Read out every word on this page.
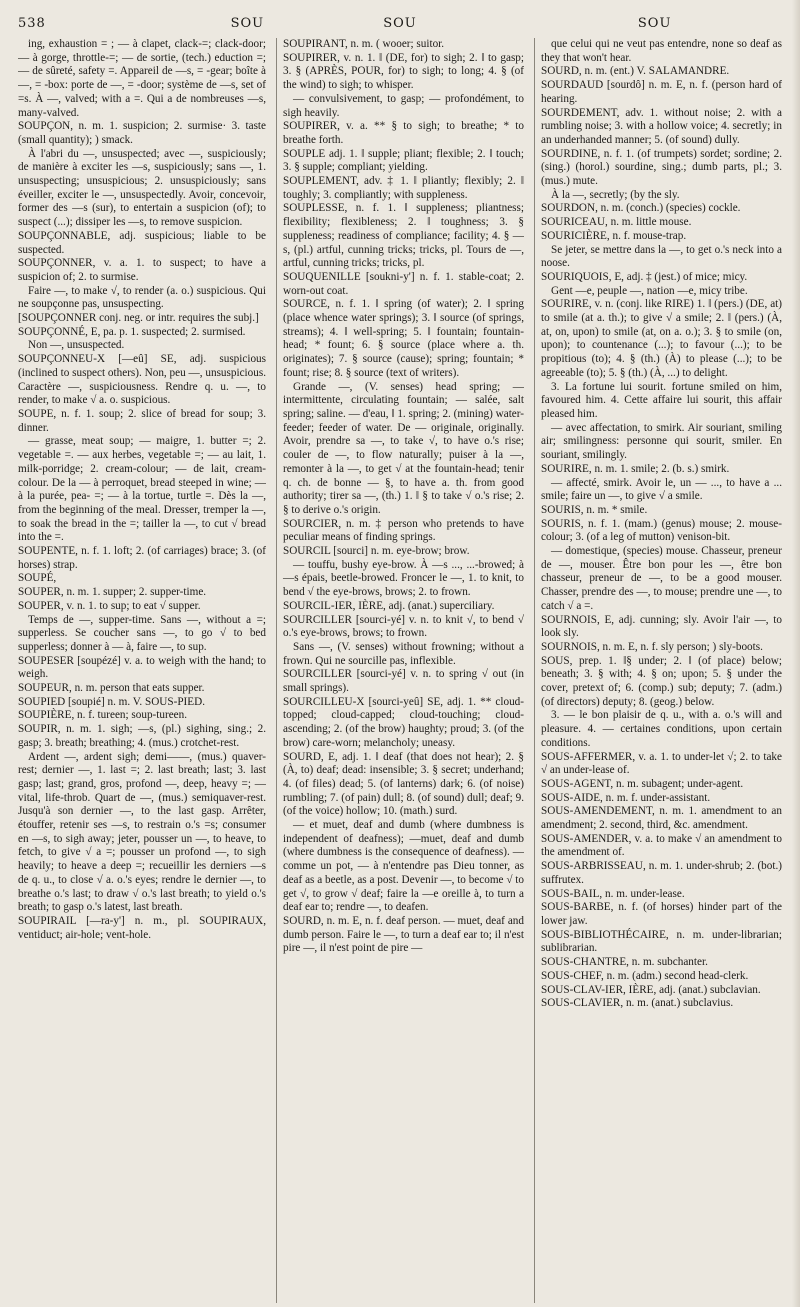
538	SOU	SOU	SOU

ing, exhaustion = ; — à clapet, clack-=; clack-door; — à gorge, throttle-=; — de sortie, (tech.) eduction =; — de sûreté, safety =. Appareil de —s, = -gear; boîte à —, = -box: porte de —, = -door; système de —s, set of =s. À —, valved; with a =. Qui a de nombreuses —s, many-valved.

SOUPÇON, n. m. 1. suspicion; 2. surmise· 3. taste (small quantity); ) smack.

À l'abri du —, unsuspected; avec —, suspiciously; de manière à exciter les —s, suspiciously; sans —, 1. unsuspecting; unsuspicious; 2. unsuspiciously; sans éveiller, exciter le —, unsuspectedly. Avoir, concevoir, former des —s (sur), to entertain a suspicion (of); to suspect (...); dissiper les —s, to remove suspicion.

SOUPÇONNABLE, adj. suspicious; liable to be suspected.

SOUPÇONNER, v. a. 1. to suspect; to have a suspicion of; 2. to surmise.

Faire —, to make √, to render (a. o.) suspicious. Qui ne soupçonne pas, unsuspecting.

[SOUPÇONNER conj. neg. or intr. requires the subj.]

SOUPÇONNÉ, E, pa. p. 1. suspected; 2. surmised.

Non —, unsuspected.

SOUPÇONNEU-X [—eû] SE, adj. suspicious (inclined to suspect others). Non, peu —, unsuspicious. Caractère —, suspiciousness. Rendre q. u. —, to render, to make √ a. o. suspicious.

SOUPE, n. f. 1. soup; 2. slice of bread for soup; 3. dinner.

— grasse, meat soup; — maigre, 1. butter =; 2. vegetable =. — aux herbes, vegetable =; — au lait, 1. milk-porridge; 2. cream-colour; — de lait, cream-colour. De la — à perroquet, bread steeped in wine; — à la purée, pea- =; — à la tortue, turtle =. Dès la —, from the beginning of the meal. Dresser, tremper la —, to soak the bread in the =; tailler la —, to cut √ bread into the =.

SOUPENTE, n. f. 1. loft; 2. (of carriages) brace; 3. (of horses) strap.

SOUPÉ,

SOUPER, n. m. 1. supper; 2. supper-time.

SOUPER, v. n. 1. to sup; to eat √ supper.

Temps de —, supper-time. Sans —, without a =; supperless. Se coucher sans —, to go √ to bed supperless; donner à — à, faire —, to sup.

SOUPESER [soupézé] v. a. to weigh with the hand; to weigh.

SOUPEUR, n. m. person that eats supper.

SOUPIED [soupié] n. m. V. SOUS-PIED.

SOUPIÈRE, n. f. tureen; soup-tureen.

SOUPIR, n. m. 1. sigh; —s, (pl.) sighing, sing.; 2. gasp; 3. breath; breathing; 4. (mus.) crotchet-rest.

Ardent —, ardent sigh; demi——, (mus.) quaver-rest; dernier —, 1. last =; 2. last breath; last; 3. last gasp; last; grand, gros, profond —, deep, heavy =; — vital, life-throb. Quart de —, (mus.) semiquaver-rest. Jusqu'à son dernier —, to the last gasp. Arrêter, étouffer, retenir ses —s, to restrain o.'s =s; consumer en —s, to sigh away; jeter, pousser un —, to heave, to fetch, to give √ a =; pousser un profond —, to sigh heavily; to heave a deep =; recueillir les derniers —s de q. u., to close √ a. o.'s eyes; rendre le dernier —, to breathe o.'s last; to draw √ o.'s last breath; to yield o.'s breath; to gasp o.'s latest, last breath.

SOUPIRAIL [—ra-y'] n. m., pl. SOUPIRAUX, ventiduct; air-hole; vent-hole.

SOUPIRANT, n. m. ( wooer; suitor.

SOUPIRER, v. n. 1. ‖ (DE, for) to sigh; 2. ‖ to gasp; 3. § (APRÈS, POUR, for) to sigh; to long; 4. § (of the wind) to sigh; to whisper.

— convulsivement, to gasp; — profondément, to sigh heavily.

SOUPIRER, v. a. ** § to sigh; to breathe; * to breathe forth.

SOUPLE adj. 1. ‖ supple; pliant; flexible; 2. ‖ touch; 3. § supple; compliant; yielding.

SOUPLEMENT, adv. ‡ 1. ‖ pliantly; flexibly; 2. ‖ toughly; 3. compliantly; with suppleness.

SOUPLESSE, n. f. 1. ‖ suppleness; pliantness; flexibility; flexibleness; 2. ‖ toughness; 3. § suppleness; readiness of compliance; facility; 4. § —s, (pl.) artful, cunning tricks; tricks, pl. Tours de —, artful, cunning tricks; tricks, pl.

SOUQUENILLE [soukni-y'] n. f. 1. stable-coat; 2. worn-out coat.

SOURCE, n. f. 1. ‖ spring (of water); 2. ‖ spring (place whence water springs); 3. ‖ source (of springs, streams); 4. ‖ well-spring; 5. ‖ fountain; fountain-head; * fount; 6. § source (place where a. th. originates); 7. § source (cause); spring; fountain; * fount; rise; 8. § source (text of writers).

Grande —, (V. senses) head spring; — intermittente, circulating fountain; — salée, salt spring; saline. — d'eau, ‖ 1. spring; 2. (mining) water-feeder; feeder of water. De — originale, originally. Avoir, prendre sa —, to take √, to have o.'s rise; couler de —, to flow naturally; puiser à la —, remonter à la —, to get √ at the fountain-head; tenir q. ch. de bonne — §, to have a. th. from good authority; tirer sa —, (th.) 1. ‖ § to take √ o.'s rise; 2. § to derive o.'s origin.

SOURCIER, n. m. ‡ person who pretends to have peculiar means of finding springs.

SOURCIL [sourci] n. m. eye-brow; brow.

— touffu, bushy eye-brow. À —s ..., ...-browed; à —s épais, beetle-browed. Froncer le —, 1. to knit, to bend √ the eye-brows, brows; 2. to frown.

SOURCIL-IER, IÈRE, adj. (anat.) superciliary.

SOURCILLER [sourci-yé] v. n. to knit √, to bend √ o.'s eye-brows, brows; to frown.

Sans —, (V. senses) without frowning; without a frown. Qui ne sourcille pas, inflexible.

SOURCILLER [sourci-yé] v. n. to spring √ out (in small springs).

SOURCILLEU-X [sourci-yeû] SE, adj. 1. ** cloud-topped; cloud-capped; cloud-touching; cloud-ascending; 2. (of the brow) haughty; proud; 3. (of the brow) care-worn; melancholy; uneasy.

SOURD, E, adj. 1. ‖ deaf (that does not hear); 2. § (À, to) deaf; dead: insensible; 3. § secret; underhand; 4. (of files) dead; 5. (of lanterns) dark; 6. (of noise) rumbling; 7. (of pain) dull; 8. (of sound) dull; deaf; 9. (of the voice) hollow; 10. (math.) surd.

— et muet, deaf and dumb (where dumbness is independent of deafness); —muet, deaf and dumb (where dumbness is the consequence of deafness). — comme un pot, — à n'entendre pas Dieu tonner, as deaf as a beetle, as a post. Devenir —, to become √ to get √, to grow √ deaf; faire la —e oreille à, to turn a deaf ear to; rendre —, to deafen.

SOURD, n. m. E, n. f. deaf person. — muet, deaf and dumb person. Faire le —, to turn a deaf ear to; il n'est pire —, il n'est point de pire —

que celui qui ne veut pas entendre, none so deaf as they that won't hear.

SOURD, n. m. (ent.) V. SALAMANDRE.

SOURDAUD [sourdô] n. m. E, n. f. (person hard of hearing.

SOURDEMENT, adv. 1. without noise; 2. with a rumbling noise; 3. with a hollow voice; 4. secretly; in an underhanded manner; 5. (of sound) dully.

SOURDINE, n. f. 1. (of trumpets) sordet; sordine; 2. (sing.) (horol.) sourdine, sing.; dumb parts, pl.; 3. (mus.) mute.

À la —, secretly; (by the sly.

SOURDON, n. m. (conch.) (species) cockle.

SOURICEAU, n. m. little mouse.

SOURICIÈRE, n. f. mouse-trap.

Se jeter, se mettre dans la —, to get o.'s neck into a noose.

SOURIQUOIS, E, adj. ‡ (jest.) of mice; micy.

Gent —e, peuple —, nation —e, micy tribe.

SOURIRE, v. n. (conj. like RIRE) 1. ‖ (pers.) (DE, at) to smile (at a. th.); to give √ a smile; 2. ‖ (pers.) (À, at, on, upon) to smile (at, on a. o.); 3. § to smile (on, upon); to countenance (...); to favour (...); to be propitious (to); 4. § (th.) (À) to please (...); to be agreeable (to); 5. § (th.) (À, ...) to delight.

3. La fortune lui sourit. fortune smiled on him, favoured him. 4. Cette affaire lui sourit, this affair pleased him.

— avec affectation, to smirk. Air souriant, smiling air; smilingness: personne qui sourit, smiler. En souriant, smilingly.

SOURIRE, n. m. 1. smile; 2. (b. s.) smirk.

— affecté, smirk. Avoir le, un — ..., to have a ... smile; faire un —, to give √ a smile.

SOURIS, n. m. * smile.

SOURIS, n. f. 1. (mam.) (genus) mouse; 2. mouse-colour; 3. (of a leg of mutton) venison-bit.

— domestique, (species) mouse. Chasseur, preneur de —, mouser. Être bon pour les —, être bon chasseur, preneur de —, to be a good mouser. Chasser, prendre des —, to mouse; prendre une —, to catch √ a =.

SOURNOIS, E, adj. cunning; sly. Avoir l'air —, to look sly.

SOURNOIS, n. m. E, n. f. sly person; ) sly-boots.

SOUS, prep. 1. ‖§ under; 2. ‖ (of place) below; beneath; 3. § with; 4. § on; upon; 5. § under the cover, pretext of; 6. (comp.) sub; deputy; 7. (adm.) (of directors) deputy; 8. (geog.) below.

3. — le bon plaisir de q. u., with a. o.'s will and pleasure. 4. — certaines conditions, upon certain conditions.

SOUS-AFFERMER, v. a. 1. to under-let √; 2. to take √ an under-lease of.

SOUS-AGENT, n. m. subagent; under-agent.

SOUS-AIDE, n. m. f. under-assistant.

SOUS-AMENDEMENT, n. m. 1. amendment to an amendment; 2. second, third, &c. amendment.

SOUS-AMENDER, v. a. to make √ an amendment to the amendment of.

SOUS-ARBRISSEAU, n. m. 1. under-shrub; 2. (bot.) suffrutex.

SOUS-BAIL, n. m. under-lease.

SOUS-BARBE, n. f. (of horses) hinder part of the lower jaw.

SOUS-BIBLIOTHÉCAIRE, n. m. under-librarian; sublibrarian.

SOUS-CHANTRE, n. m. subchanter.

SOUS-CHEF, n. m. (adm.) second head-clerk.

SOUS-CLAV-IER, IÈRE, adj. (anat.) subclavian.

SOUS-CLAVIER, n. m. (anat.) subclavius.
